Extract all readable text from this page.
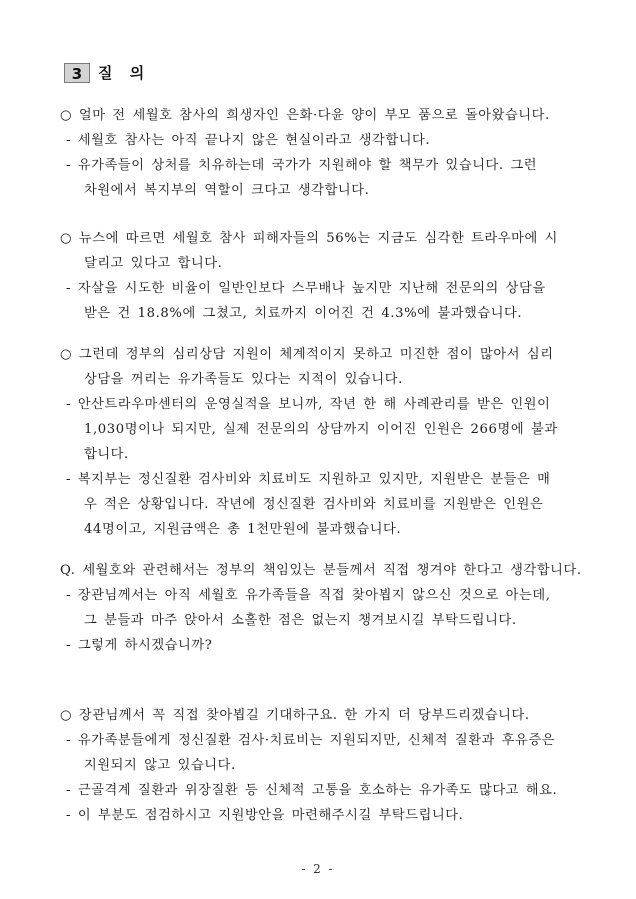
3	질 의
○ 얼마 전 세월호 참사의 희생자인 은화·다윤 양이 부모 품으로 돌아왔습니다.
- 세월호 참사는 아직 끝나지 않은 현실이라고 생각합니다.
- 유가족들이 상처를 치유하는데 국가가 지원해야 할 책무가 있습니다. 그런
차원에서 복지부의 역할이 크다고 생각합니다.
○ 뉴스에 따르면 세월호 참사 피해자들의 56%는 지금도 심각한 트라우마에 시
달리고 있다고 합니다.
- 자살을 시도한 비율이 일반인보다 스무배나 높지만 지난해 전문의의 상담을
받은 건 18.8%에 그쳤고, 치료까지 이어진 건 4.3%에 불과했습니다.
○ 그런데 정부의 심리상담 지원이 체계적이지 못하고 미진한 점이 많아서 심리
상담을 꺼리는 유가족들도 있다는 지적이 있습니다.
- 안산트라우마센터의 운영실적을 보니까, 작년 한 해 사례관리를 받은 인원이
1,030명이나 되지만, 실제 전문의의 상담까지 이어진 인원은 266명에 불과
합니다.
- 복지부는 정신질환 검사비와 치료비도 지원하고 있지만, 지원받은 분들은 매
우 적은 상황입니다. 작년에 정신질환 검사비와 치료비를 지원받은 인원은
44명이고, 지원금액은 총 1천만원에 불과했습니다.
Q. 세월호와 관련해서는 정부의 책임있는 분들께서 직접 챙겨야 한다고 생각합니다.
- 장관님께서는 아직 세월호 유가족들을 직접 찾아뵙지 않으신 것으로 아는데,
그 분들과 마주 앉아서 소홀한 점은 없는지 챙겨보시길 부탁드립니다.
- 그렇게 하시겠습니까?
○ 장관님께서 꼭 직접 찾아뵙길 기대하구요. 한 가지 더 당부드리겠습니다.
- 유가족분들에게 정신질환 검사·치료비는 지원되지만, 신체적 질환과 후유증은
지원되지 않고 있습니다.
- 근골격계 질환과 위장질환 등 신체적 고통을 호소하는 유가족도 많다고 해요.
- 이 부분도 점검하시고 지원방안을 마련해주시길 부탁드립니다.
- 2 -
